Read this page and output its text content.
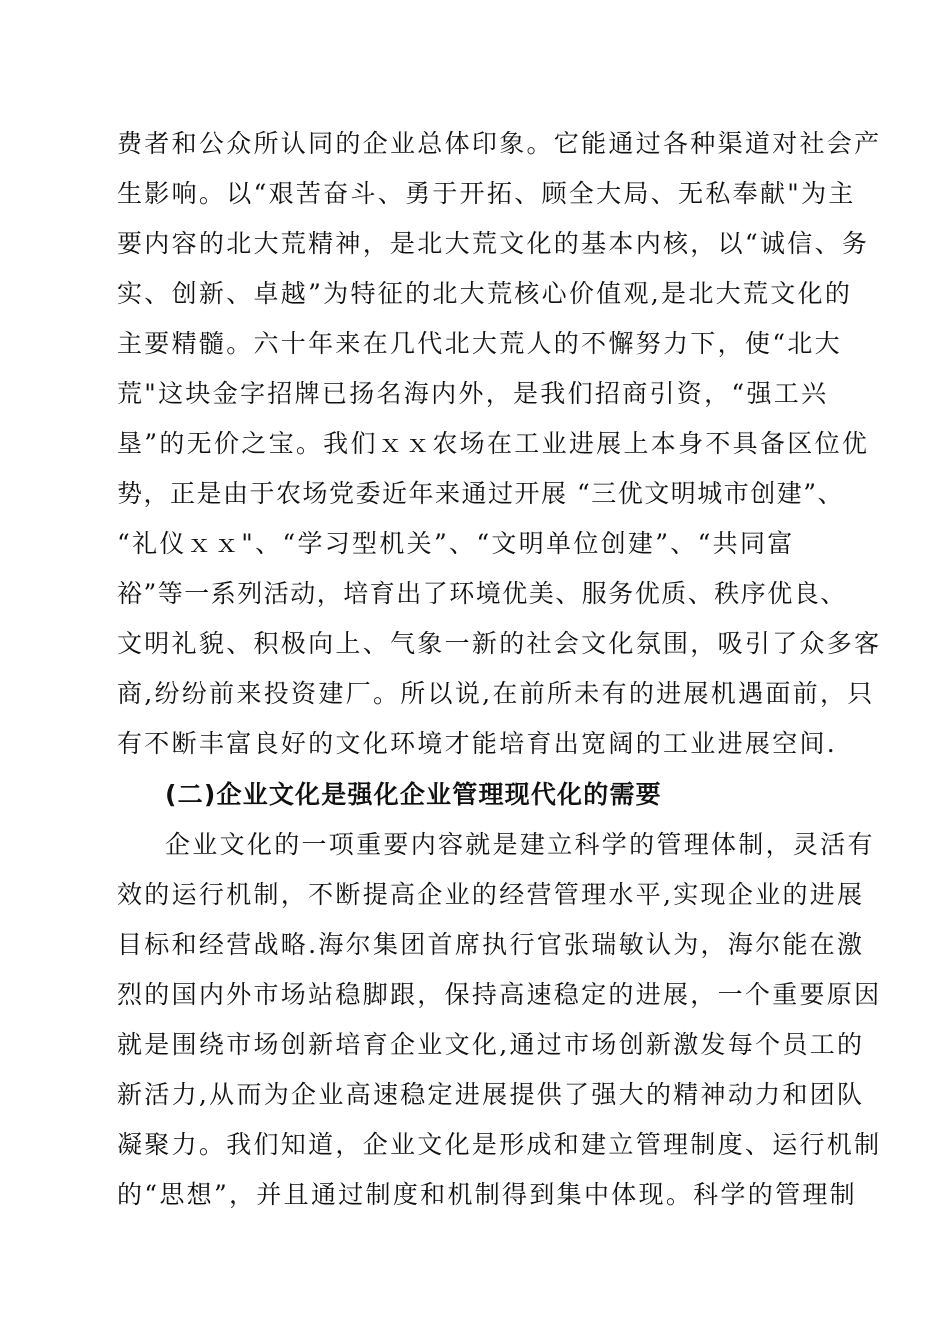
费者和公众所认同的企业总体印象。它能通过各种渠道对社会产

生影响。以“艰苦奋斗、勇于开拓、顾全大局、无私奉献"为主

要内容的北大荒精神，是北大荒文化的基本内核，以“诚信、务

实、创新、卓越”为特征的北大荒核心价值观,是北大荒文化的

主要精髓。六十年来在几代北大荒人的不懈努力下，使“北大

荒"这块金字招牌已扬名海内外，是我们招商引资，“强工兴

垦”的无价之宝。我们ｘｘ农场在工业进展上本身不具备区位优

势，正是由于农场党委近年来通过开展 “三优文明城市创建”、

“礼仪ｘｘ"、“学习型机关”、“文明单位创建”、“共同富

裕”等一系列活动，培育出了环境优美、服务优质、秩序优良、

文明礼貌、积极向上、气象一新的社会文化氛围，吸引了众多客

商,纷纷前来投资建厂。所以说,在前所未有的进展机遇面前，只

有不断丰富良好的文化环境才能培育出宽阔的工业进展空间.

(二)企业文化是强化企业管理现代化的需要

企业文化的一项重要内容就是建立科学的管理体制，灵活有

效的运行机制，不断提高企业的经营管理水平,实现企业的进展

目标和经营战略.海尔集团首席执行官张瑞敏认为，海尔能在激

烈的国内外市场站稳脚跟，保持高速稳定的进展，一个重要原因

就是围绕市场创新培育企业文化,通过市场创新激发每个员工的

新活力,从而为企业高速稳定进展提供了强大的精神动力和团队

凝聚力。我们知道，企业文化是形成和建立管理制度、运行机制

的“思想”，并且通过制度和机制得到集中体现。科学的管理制
